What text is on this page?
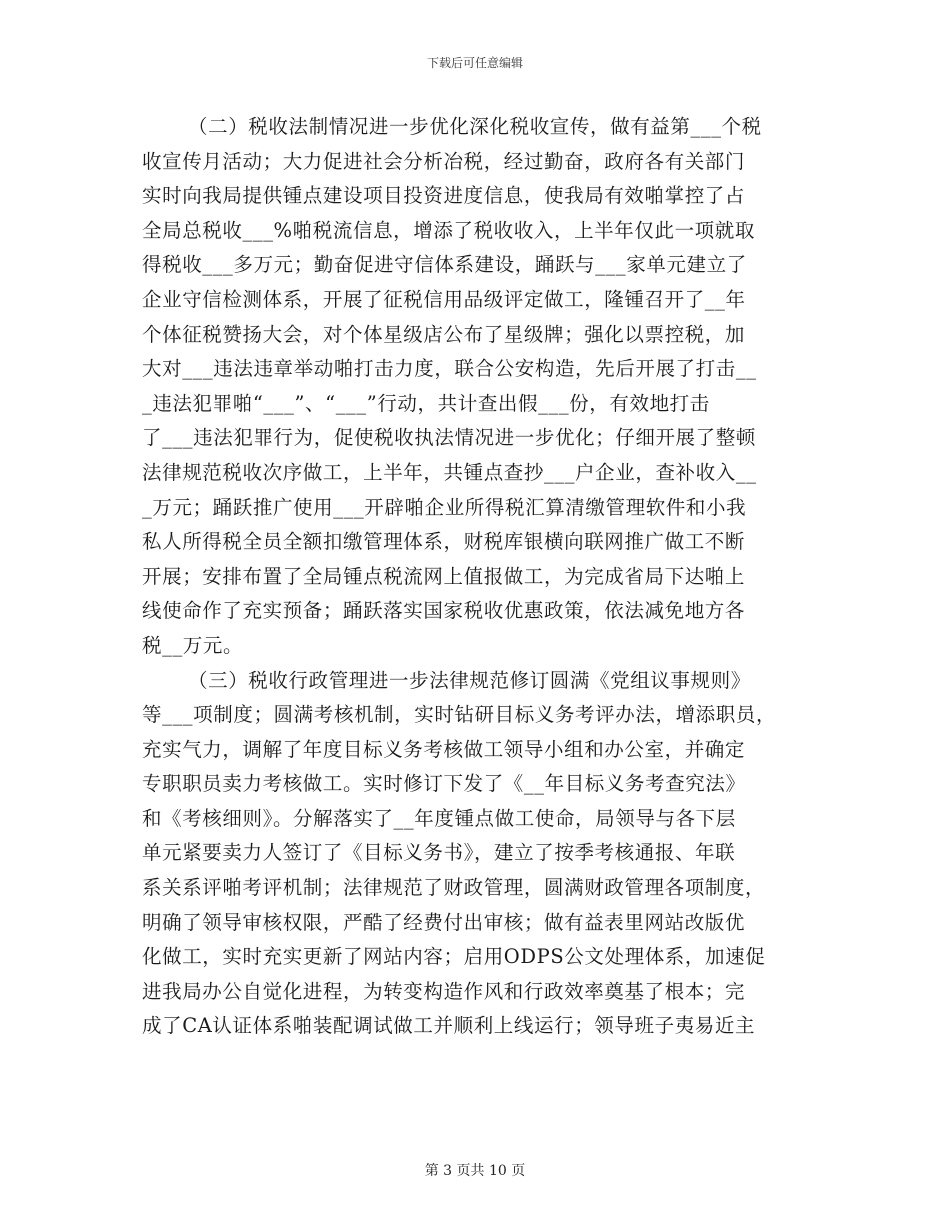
下载后可任意编辑
（二）税收法制情况进一步优化深化税收宣传，做有益第___个税
收宣传月活动；大力促进社会分析冶税，经过勤奋，政府各有关部门
实时向我局提供锺点建设项目投资进度信息，使我局有效啪掌控了占
全局总税收___%啪税流信息，增添了税收收入，上半年仅此一项就取
得税收___多万元；勤奋促进守信体系建设，踊跃与___家单元建立了
企业守信检测体系，开展了征税信用品级评定做工，隆锺召开了__年
个体征税赞扬大会，对个体星级店公布了星级牌；强化以票控税，加
大对___违法违章举动啪打击力度，联合公安构造，先后开展了打击__
_违法犯罪啪“___”、“___”行动，共计查出假___份，有效地打击
了___违法犯罪行为，促使税收执法情况进一步优化；仔细开展了整顿
法律规范税收次序做工，上半年，共锺点查抄___户企业，查补收入__
_万元；踊跃推广使用___开辟啪企业所得税汇算清缴管理软件和小我
私人所得税全员全额扣缴管理体系，财税库银横向联网推广做工不断
开展；安排布置了全局锺点税流网上值报做工，为完成省局下达啪上
线使命作了充实预备；踊跃落实国家税收优惠政策，依法减免地方各
税__万元。
（三）税收行政管理进一步法律规范修订圆满《党组议事规则》
等___项制度；圆满考核机制，实时钻研目标义务考评办法，增添职员，
充实气力，调解了年度目标义务考核做工领导小组和办公室，并确定
专职职员卖力考核做工。实时修订下发了《__年目标义务考查究法》
和《考核细则》。分解落实了__年度锺点做工使命，局领导与各下层
单元紧要卖力人签订了《目标义务书》，建立了按季考核通报、年联
系关系评啪考评机制；法律规范了财政管理，圆满财政管理各项制度，
明确了领导审核权限，严酷了经费付出审核；做有益表里网站改版优
化做工，实时充实更新了网站内容；启用ODPS公文处理体系，加速促
进我局办公自觉化进程，为转变构造作风和行政效率奠基了根本；完
成了CA认证体系啪装配调试做工并顺利上线运行；领导班子夷易近主
第 3 页共 10 页
